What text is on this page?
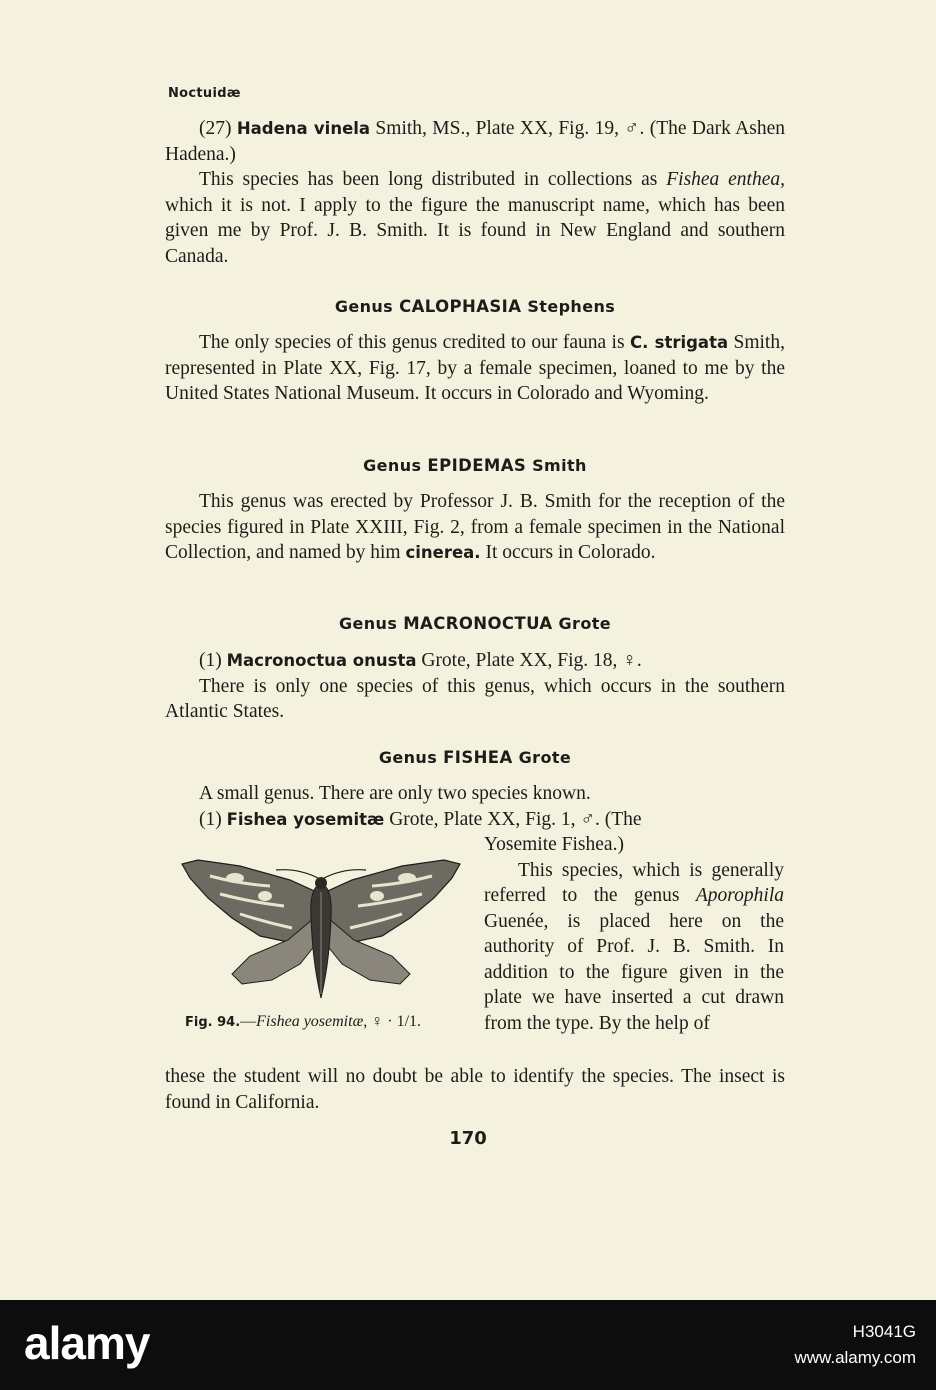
Noctuidæ

(27) Hadena vinela Smith, MS., Plate XX, Fig. 19, ♂. (The Dark Ashen Hadena.)

This species has been long distributed in collections as Fishea enthea, which it is not. I apply to the figure the manuscript name, which has been given me by Prof. J. B. Smith. It is found in New England and southern Canada.

Genus CALOPHASIA Stephens

The only species of this genus credited to our fauna is C. strigata Smith, represented in Plate XX, Fig. 17, by a female specimen, loaned to me by the United States National Museum. It occurs in Colorado and Wyoming.

Genus EPIDEMAS Smith

This genus was erected by Professor J. B. Smith for the reception of the species figured in Plate XXIII, Fig. 2, from a female specimen in the National Collection, and named by him cinerea. It occurs in Colorado.

Genus MACRONOCTUA Grote

(1) Macronoctua onusta Grote, Plate XX, Fig. 18, ♀.

There is only one species of this genus, which occurs in the southern Atlantic States.

Genus FISHEA Grote

A small genus. There are only two species known.

(1) Fishea yosemitæ Grote, Plate XX, Fig. 1, ♂. (The

Yosemite Fishea.)

This species, which is generally referred to the genus Aporophila Guenée, is placed here on the authority of Prof. J. B. Smith. In addition to the figure given in the plate we have inserted a cut drawn from the type. By the help of

Fig. 94.—Fishea yosemitæ, ♀ · 1/1.

these the student will no doubt be able to identify the species. The insect is found in California.

170
alamy	H3041G
www.alamy.com
